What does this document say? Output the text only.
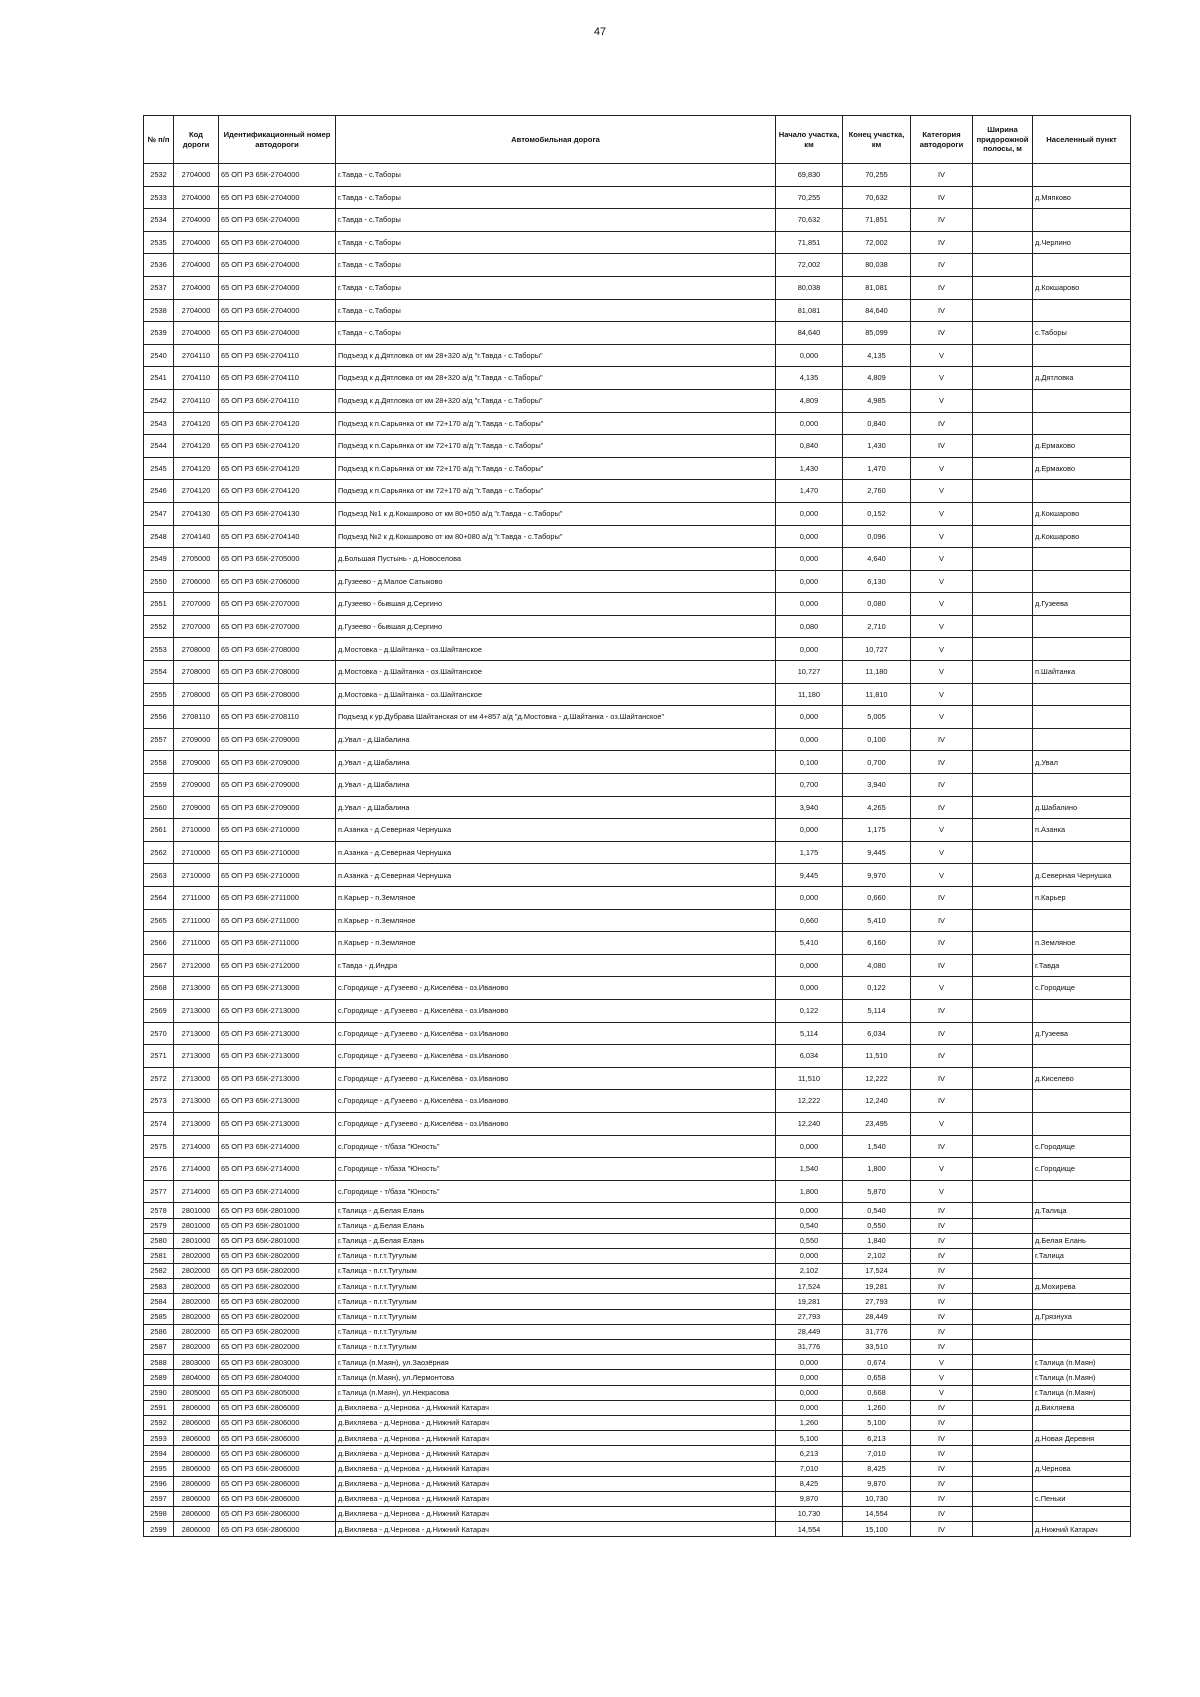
47
№ п/п	Код дороги	Идентификационный номер автодороги	Автомобильная дорога	Начало участка, км	Конец участка, км	Категория автодороги	Ширина придорожной полосы, м	Населенный пункт
2532	2704000	65 ОП РЗ 65К-2704000	г.Тавда - с.Таборы	69,830	70,255	IV		
2533	2704000	65 ОП РЗ 65К-2704000	г.Тавда - с.Таборы	70,255	70,632	IV		д.Мяпково
2534	2704000	65 ОП РЗ 65К-2704000	г.Тавда - с.Таборы	70,632	71,851	IV		
2535	2704000	65 ОП РЗ 65К-2704000	г.Тавда - с.Таборы	71,851	72,002	IV		д.Черлино
2536	2704000	65 ОП РЗ 65К-2704000	г.Тавда - с.Таборы	72,002	80,038	IV		
2537	2704000	65 ОП РЗ 65К-2704000	г.Тавда - с.Таборы	80,038	81,081	IV		д.Кокшарово
2538	2704000	65 ОП РЗ 65К-2704000	г.Тавда - с.Таборы	81,081	84,640	IV		
2539	2704000	65 ОП РЗ 65К-2704000	г.Тавда - с.Таборы	84,640	85,099	IV		с.Таборы
2540	2704110	65 ОП РЗ 65К-2704110	Подъезд к д.Дятловка от км 28+320 а/д "г.Тавда - с.Таборы"	0,000	4,135	V		
2541	2704110	65 ОП РЗ 65К-2704110	Подъезд к д.Дятловка от км 28+320 а/д "г.Тавда - с.Таборы"	4,135	4,809	V		д.Дятловка
2542	2704110	65 ОП РЗ 65К-2704110	Подъезд к д.Дятловка от км 28+320 а/д "г.Тавда - с.Таборы"	4,809	4,985	V		
2543	2704120	65 ОП РЗ 65К-2704120	Подъезд к п.Сарьянка от км 72+170 а/д "г.Тавда - с.Таборы"	0,000	0,840	IV		
2544	2704120	65 ОП РЗ 65К-2704120	Подъезд к п.Сарьянка от км 72+170 а/д "г.Тавда - с.Таборы"	0,840	1,430	IV		д.Ермаково
2545	2704120	65 ОП РЗ 65К-2704120	Подъезд к п.Сарьянка от км 72+170 а/д "г.Тавда - с.Таборы"	1,430	1,470	V		д.Ермаково
2546	2704120	65 ОП РЗ 65К-2704120	Подъезд к п.Сарьянка от км 72+170 а/д "г.Тавда - с.Таборы"	1,470	2,760	V		
2547	2704130	65 ОП РЗ 65К-2704130	Подъезд №1 к д.Кокшарово от км 80+050 а/д "г.Тавда - с.Таборы"	0,000	0,152	V		д.Кокшарово
2548	2704140	65 ОП РЗ 65К-2704140	Подъезд №2 к д.Кокшарово от км 80+080 а/д "г.Тавда - с.Таборы"	0,000	0,096	V		д.Кокшарово
2549	2705000	65 ОП РЗ 65К-2705000	д.Большая Пустынь - д.Новоселова	0,000	4,640	V		
2550	2706000	65 ОП РЗ 65К-2706000	д.Гузеево - д.Малое Сатыково	0,000	6,130	V		
2551	2707000	65 ОП РЗ 65К-2707000	д.Гузеево - бывшая д.Сергино	0,000	0,080	V		д.Гузеева
2552	2707000	65 ОП РЗ 65К-2707000	д.Гузеево - бывшая д.Сергино	0,080	2,710	V		
2553	2708000	65 ОП РЗ 65К-2708000	д.Мостовка - д.Шайтанка - оз.Шайтанское	0,000	10,727	V		
2554	2708000	65 ОП РЗ 65К-2708000	д.Мостовка - д.Шайтанка - оз.Шайтанское	10,727	11,180	V		п.Шайтанка
2555	2708000	65 ОП РЗ 65К-2708000	д.Мостовка - д.Шайтанка - оз.Шайтанское	11,180	11,810	V		
2556	2708110	65 ОП РЗ 65К-2708110	Подъезд к ур.Дубрава Шайтанская от км 4+857 а/д "д.Мостовка - д.Шайтанка - оз.Шайтанское"	0,000	5,005	V		
2557	2709000	65 ОП РЗ 65К-2709000	д.Увал - д.Шабалина	0,000	0,100	IV		
2558	2709000	65 ОП РЗ 65К-2709000	д.Увал - д.Шабалина	0,100	0,700	IV		д.Увал
2559	2709000	65 ОП РЗ 65К-2709000	д.Увал - д.Шабалина	0,700	3,940	IV		
2560	2709000	65 ОП РЗ 65К-2709000	д.Увал - д.Шабалина	3,940	4,265	IV		д.Шабалино
2561	2710000	65 ОП РЗ 65К-2710000	п.Азанка - д.Северная Чернушка	0,000	1,175	V		п.Азанка
2562	2710000	65 ОП РЗ 65К-2710000	п.Азанка - д.Северная Чернушка	1,175	9,445	V		
2563	2710000	65 ОП РЗ 65К-2710000	п.Азанка - д.Северная Чернушка	9,445	9,970	V		д.Северная Чернушка
2564	2711000	65 ОП РЗ 65К-2711000	п.Карьер - п.Земляное	0,000	0,660	IV		п.Карьер
2565	2711000	65 ОП РЗ 65К-2711000	п.Карьер - п.Земляное	0,660	5,410	IV		
2566	2711000	65 ОП РЗ 65К-2711000	п.Карьер - п.Земляное	5,410	6,160	IV		п.Земляное
2567	2712000	65 ОП РЗ 65К-2712000	г.Тавда - д.Индра	0,000	4,080	IV		г.Тавда
2568	2713000	65 ОП РЗ 65К-2713000	с.Городище - д.Гузеево - д.Киселёва - оз.Иваново	0,000	0,122	V		с.Городище
2569	2713000	65 ОП РЗ 65К-2713000	с.Городище - д.Гузеево - д.Киселёва - оз.Иваново	0,122	5,114	IV		
2570	2713000	65 ОП РЗ 65К-2713000	с.Городище - д.Гузеево - д.Киселёва - оз.Иваново	5,114	6,034	IV		д.Гузеева
2571	2713000	65 ОП РЗ 65К-2713000	с.Городище - д.Гузеево - д.Киселёва - оз.Иваново	6,034	11,510	IV		
2572	2713000	65 ОП РЗ 65К-2713000	с.Городище - д.Гузеево - д.Киселёва - оз.Иваново	11,510	12,222	IV		д.Киселево
2573	2713000	65 ОП РЗ 65К-2713000	с.Городище - д.Гузеево - д.Киселёва - оз.Иваново	12,222	12,240	IV		
2574	2713000	65 ОП РЗ 65К-2713000	с.Городище - д.Гузеево - д.Киселёва - оз.Иваново	12,240	23,495	V		
2575	2714000	65 ОП РЗ 65К-2714000	с.Городище - т/база "Юность"	0,000	1,540	IV		с.Городище
2576	2714000	65 ОП РЗ 65К-2714000	с.Городище - т/база "Юность"	1,540	1,800	V		с.Городище
2577	2714000	65 ОП РЗ 65К-2714000	с.Городище - т/база "Юность"	1,800	5,870	V		
2578	2801000	65 ОП РЗ 65К-2801000	г.Талица - д.Белая Елань	0,000	0,540	IV		д.Талица
2579	2801000	65 ОП РЗ 65К-2801000	г.Талица - д.Белая Елань	0,540	0,550	IV		
2580	2801000	65 ОП РЗ 65К-2801000	г.Талица - д.Белая Елань	0,550	1,840	IV		д.Белая Елань
2581	2802000	65 ОП РЗ 65К-2802000	г.Талица - п.г.т.Тугулым	0,000	2,102	IV		г.Талица
2582	2802000	65 ОП РЗ 65К-2802000	г.Талица - п.г.т.Тугулым	2,102	17,524	IV		
2583	2802000	65 ОП РЗ 65К-2802000	г.Талица - п.г.т.Тугулым	17,524	19,281	IV		д.Мохирева
2584	2802000	65 ОП РЗ 65К-2802000	г.Талица - п.г.т.Тугулым	19,281	27,793	IV		
2585	2802000	65 ОП РЗ 65К-2802000	г.Талица - п.г.т.Тугулым	27,793	28,449	IV		д.Грязнуха
2586	2802000	65 ОП РЗ 65К-2802000	г.Талица - п.г.т.Тугулым	28,449	31,776	IV		
2587	2802000	65 ОП РЗ 65К-2802000	г.Талица - п.г.т.Тугулым	31,776	33,510	IV		
2588	2803000	65 ОП РЗ 65К-2803000	г.Талица (п.Маян), ул.Заозёрная	0,000	0,674	V		г.Талица (п.Маян)
2589	2804000	65 ОП РЗ 65К-2804000	г.Талица (п.Маян), ул.Лермонтова	0,000	0,658	V		г.Талица (п.Маян)
2590	2805000	65 ОП РЗ 65К-2805000	г.Талица (п.Маян), ул.Некрасова	0,000	0,668	V		г.Талица (п.Маян)
2591	2806000	65 ОП РЗ 65К-2806000	д.Вихляева - д.Чернова - д.Нижний Катарач	0,000	1,260	IV		д.Вихляева
2592	2806000	65 ОП РЗ 65К-2806000	д.Вихляева - д.Чернова - д.Нижний Катарач	1,260	5,100	IV		
2593	2806000	65 ОП РЗ 65К-2806000	д.Вихляева - д.Чернова - д.Нижний Катарач	5,100	6,213	IV		д.Новая Деревня
2594	2806000	65 ОП РЗ 65К-2806000	д.Вихляева - д.Чернова - д.Нижний Катарач	6,213	7,010	IV		
2595	2806000	65 ОП РЗ 65К-2806000	д.Вихляева - д.Чернова - д.Нижний Катарач	7,010	8,425	IV		д.Чернова
2596	2806000	65 ОП РЗ 65К-2806000	д.Вихляева - д.Чернова - д.Нижний Катарач	8,425	9,870	IV		
2597	2806000	65 ОП РЗ 65К-2806000	д.Вихляева - д.Чернова - д.Нижний Катарач	9,870	10,730	IV		с.Пеньки
2598	2806000	65 ОП РЗ 65К-2806000	д.Вихляева - д.Чернова - д.Нижний Катарач	10,730	14,554	IV		
2599	2806000	65 ОП РЗ 65К-2806000	д.Вихляева - д.Чернова - д.Нижний Катарач	14,554	15,100	IV		д.Нижний Катарач
